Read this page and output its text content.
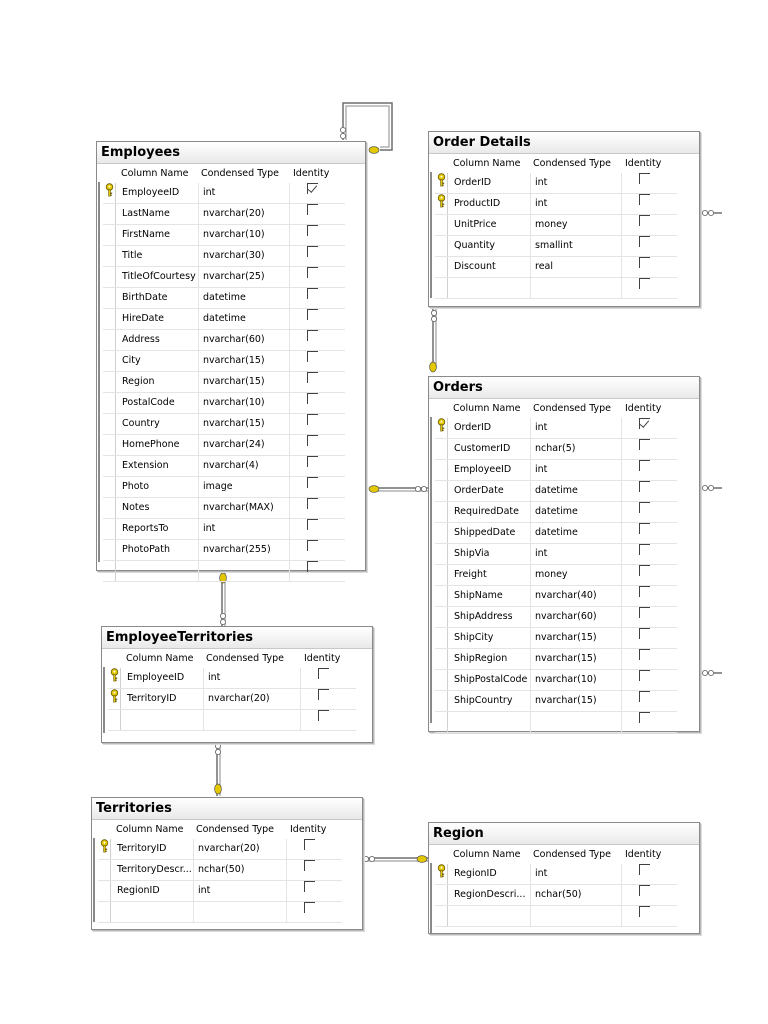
Employees
Column Name	Condensed Type	Identity
EmployeeID	int
LastName	nvarchar(20)
FirstName	nvarchar(10)
Title	nvarchar(30)
TitleOfCourtesy nvarchar(25)
BirthDate	datetime
HireDate	datetime
Address	nvarchar(60)
City	nvarchar(15)
Region	nvarchar(15)
PostalCode	nvarchar(10)
Country	nvarchar(15)
HomePhone	nvarchar(24)
Extension	nvarchar(4)
Photo	image
Notes	nvarchar(MAX)
ReportsTo	int
PhotoPath	nvarchar(255)
Order Details
Column Name	Condensed Type	Identity
OrderID	int
ProductID	int
UnitPrice	money
Quantity	smallint
Discount	real
Orders
Column Name	Condensed Type	Identity
OrderID	int
CustomerID	nchar(5)
EmployeeID	int
OrderDate	datetime
RequiredDate	datetime
ShippedDate	datetime
ShipVia	int
Freight	money
ShipName	nvarchar(40)
ShipAddress	nvarchar(60)
ShipCity	nvarchar(15)
ShipRegion	nvarchar(15)
ShipPostalCode nvarchar(10)
ShipCountry	nvarchar(15)
EmployeeTerritories
Column Name	Condensed Type	Identity
EmployeeID	int
TerritoryID	nvarchar(20)
Territories
Column Name	Condensed Type	Identity
TerritoryID	nvarchar(20)
TerritoryDescr... nchar(50)
RegionID	int
Region
Column Name	Condensed Type	Identity
RegionID	int
RegionDescri...	nchar(50)
